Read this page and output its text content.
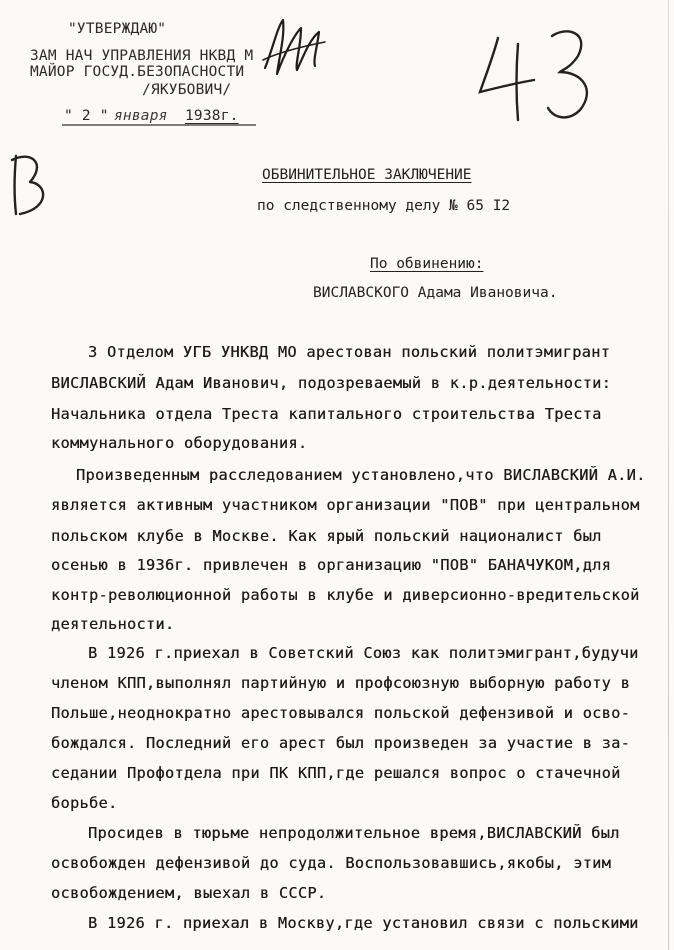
"УТВЕРЖДАЮ"
ЗАМ НАЧ УПРАВЛЕНИЯ НКВД М
МАЙОР ГОСУД.БЕЗОПАСНОСТИ
/ЯКУБОВИЧ/
" 2 " января 1938г.
ОБВИНИТЕЛЬНОЕ ЗАКЛЮЧЕНИЕ
по следственному делу № 65 I2
По обвинению:
ВИСЛАВСКОГО Адама Ивановича.
3 Отделом УГБ УНКВД МО арестован польский политэмигрант
ВИСЛАВСКИЙ Адам Иванович, подозреваемый в к.р.деятельности:
Начальника отдела Треста капитального строительства Треста
коммунального оборудования.
Произведенным расследованием установлено,что ВИСЛАВСКИЙ А.И.
является активным участником организации "ПОВ" при центральном
польском клубе в Москве. Как ярый польский националист был
осенью в 1936г. привлечен в организацию "ПОВ" БАНАЧУКОМ,для
контр-революционной работы в клубе и диверсионно-вредительской
деятельности.
В 1926 г.приехал в Советский Союз как политэмигрант,будучи
членом КПП,выполнял партийную и профсоюзную выборную работу в
Польше,неоднократно арестовывался польской дефензивой и осво-
бождался. Последний его арест был произведен за участие в за-
седании Профотдела при ПК КПП,где решался вопрос о стачечной
борьбе.
Просидев в тюрьме непродолжительное время,ВИСЛАВСКИЙ был
освобожден дефензивой до суда. Воспользовавшись,якобы, этим
освобождением, выехал в СССР.
В 1926 г. приехал в Москву,где установил связи с польскими
